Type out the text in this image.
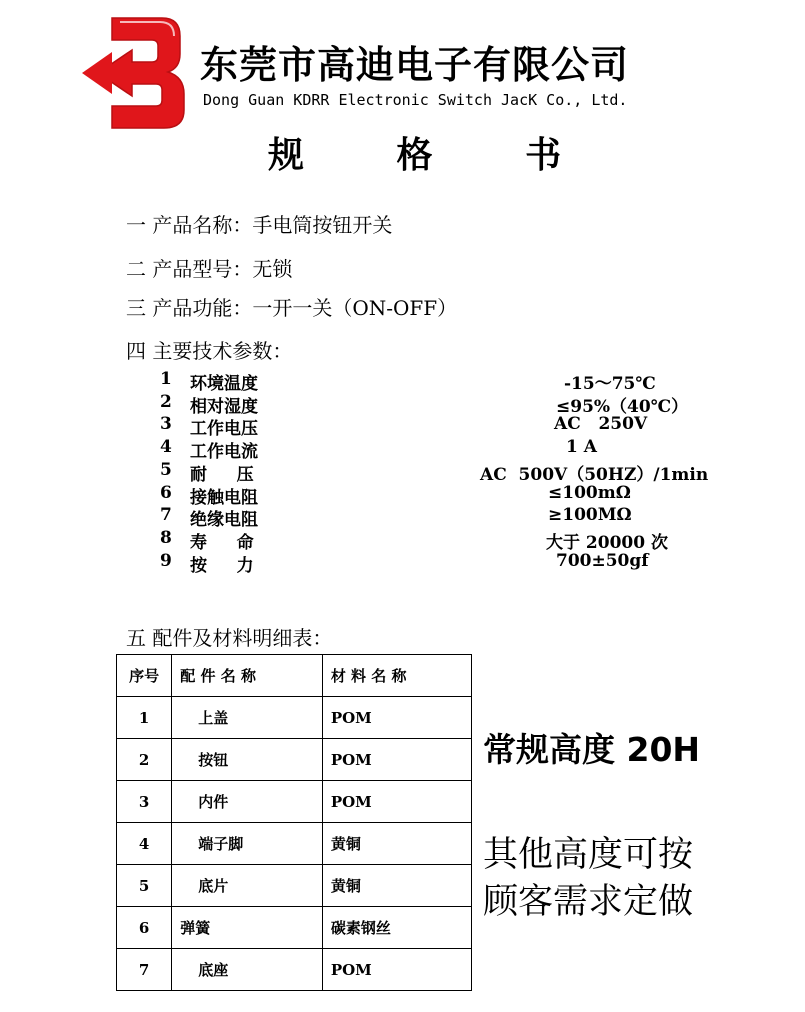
东莞市高迪电子有限公司
Dong Guan KDRR Electronic Switch JacK Co., Ltd.
规 格 书
一 产品名称：手电筒按钮开关
二 产品型号：无锁
三 产品功能：一开一关（ON-OFF）
四 主要技术参数：
1 环境温度	-15～75℃
2 相对湿度	≤95%（40℃）
3 工作电压	AC   250V
4 工作电流	1 A
5 耐     压	AC  500V（50HZ）/1min
6 接触电阻	≤100mΩ
7 绝缘电阻	≥100MΩ
8 寿     命	大于 20000 次
9 按     力	700±50gf
五 配件及材料明细表：
序号	配 件 名 称	材 料 名 称
1	上盖	POM
2	按钮	POM
3	内件	POM
4	端子脚	黄铜
5	底片	黄铜
6	弹簧	碳素钢丝
7	底座	POM
常规高度 20H
其他高度可按
顾客需求定做
